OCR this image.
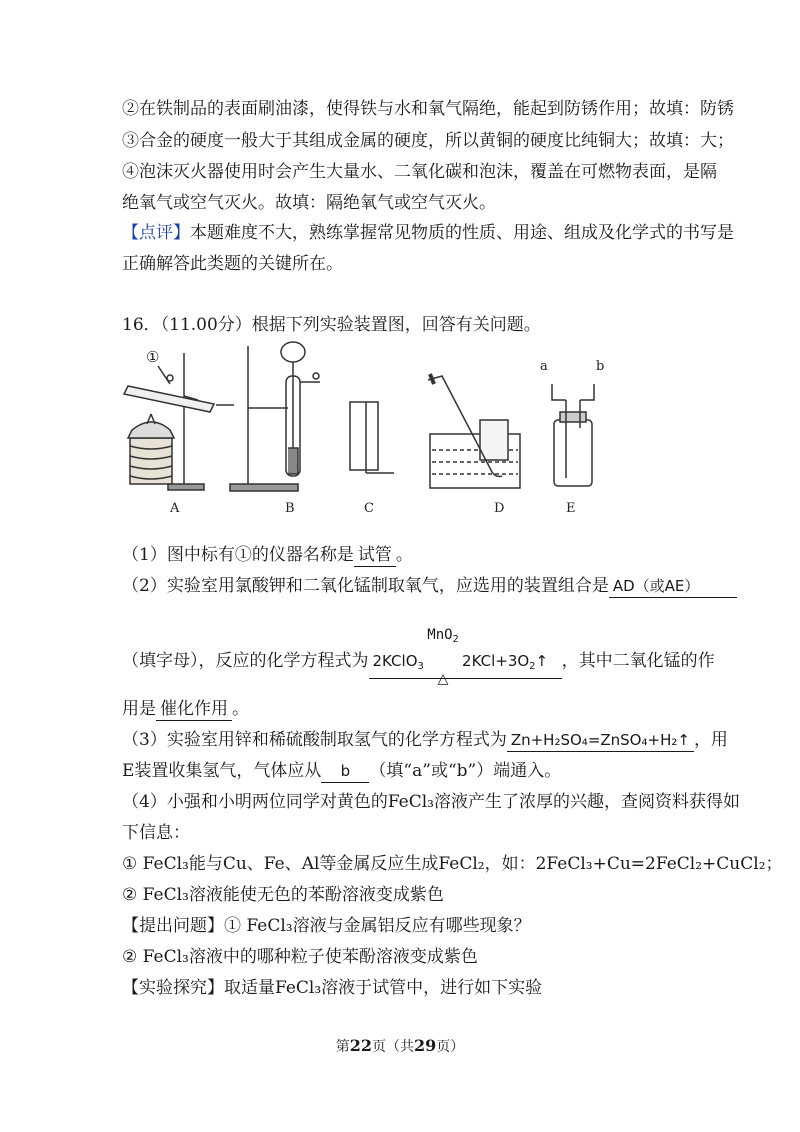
②在铁制品的表面刷油漆，使得铁与水和氧气隔绝，能起到防锈作用；故填：防锈
③合金的硬度一般大于其组成金属的硬度，所以黄铜的硬度比纯铜大；故填：大；
④泡沫灭火器使用时会产生大量水、二氧化碳和泡沫，覆盖在可燃物表面，是隔
绝氧气或空气灭火。故填：隔绝氧气或空气灭火。
【点评】本题难度不大，熟练掌握常见物质的性质、用途、组成及化学式的书写是
正确解答此类题的关键所在。
16．（11.00分）根据下列实验装置图，回答有关问题。
①
a	b
A	B	C	D	E
（1）图中标有①的仪器名称是 试管 。
（2）实验室用氯酸钾和二氧化锰制取氧气，应选用的装置组合是 AD（或AE）
（填字母），反应的化学方程式为 2KClO$_3$
MnO$_2$
△
$2KCl+3O_2↑$  ，其中二氧化锰的作
用是 催化作用 。
（3）实验室用锌和稀硫酸制取氢气的化学方程式为 Zn+H₂SO₄=ZnSO₄+H₂↑ ，用
E装置收集氢气，气体应从 b （填“a”或“b”）端通入。
（4）小强和小明两位同学对黄色的FeCl₃溶液产生了浓厚的兴趣，查阅资料获得如
下信息：
① FeCl₃能与Cu、Fe、Al等金属反应生成FeCl₂，如：2FeCl₃+Cu=2FeCl₂+CuCl₂；
② FeCl₃溶液能使无色的苯酚溶液变成紫色
【提出问题】① FeCl₃溶液与金属铝反应有哪些现象？
② FeCl₃溶液中的哪种粒子使苯酚溶液变成紫色
【实验探究】取适量FeCl₃溶液于试管中，进行如下实验
第22页（共29页）
